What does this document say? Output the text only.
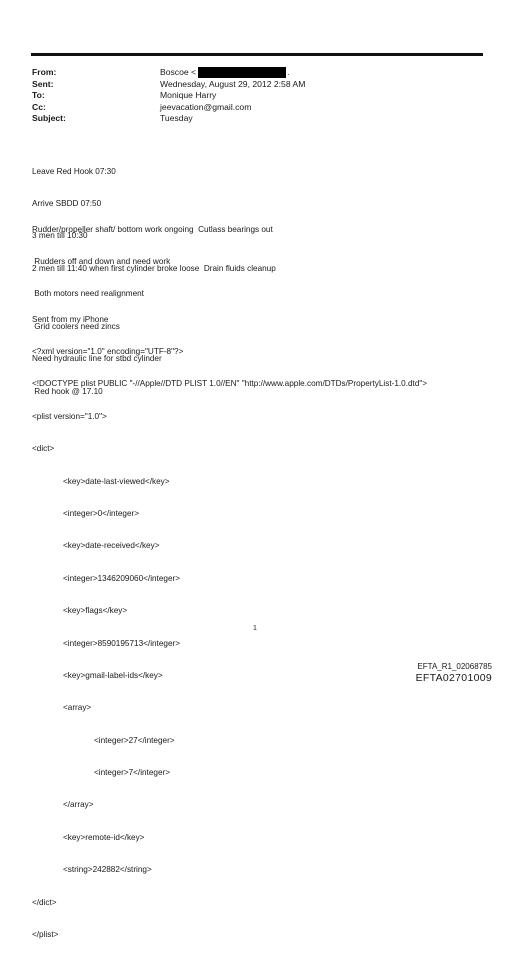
From:	Boscoe <	.
Sent:	Wednesday, August 29, 2012 2:58 AM
To:	Monique Harry
Cc:	jeevacation@gmail.com
Subject:	Tuesday

Leave Red Hook 07:30

Arrive SBDD 07:50

3 men till 10:30

2 men till 11:40 when first cylinder broke loose  Drain fluids cleanup

Rudder/propeller shaft/ bottom work ongoing  Cutlass bearings out

Rudders off and down and need work

Both motors need realignment

Grid coolers need zincs

Need hydraulic line for stbd cylinder

Red hook @ 17.10

Sent from my iPhone

<?xml version="1.0" encoding="UTF-8"?>

<!DOCTYPE plist PUBLIC "-//Apple//DTD PLIST 1.0//EN" "http://www.apple.com/DTDs/PropertyList-1.0.dtd">

<plist version="1.0">

<dict>

<key>date-last-viewed</key>

<integer>0</integer>

<key>date-received</key>

<integer>1346209060</integer>

<key>flags</key>

<integer>8590195713</integer>

<key>gmail-label-ids</key>

<array>

<integer>27</integer>

<integer>7</integer>

</array>

<key>remote-id</key>

<string>242882</string>

</dict>

</plist>

1
EFTA_R1_02068785
EFTA02701009
